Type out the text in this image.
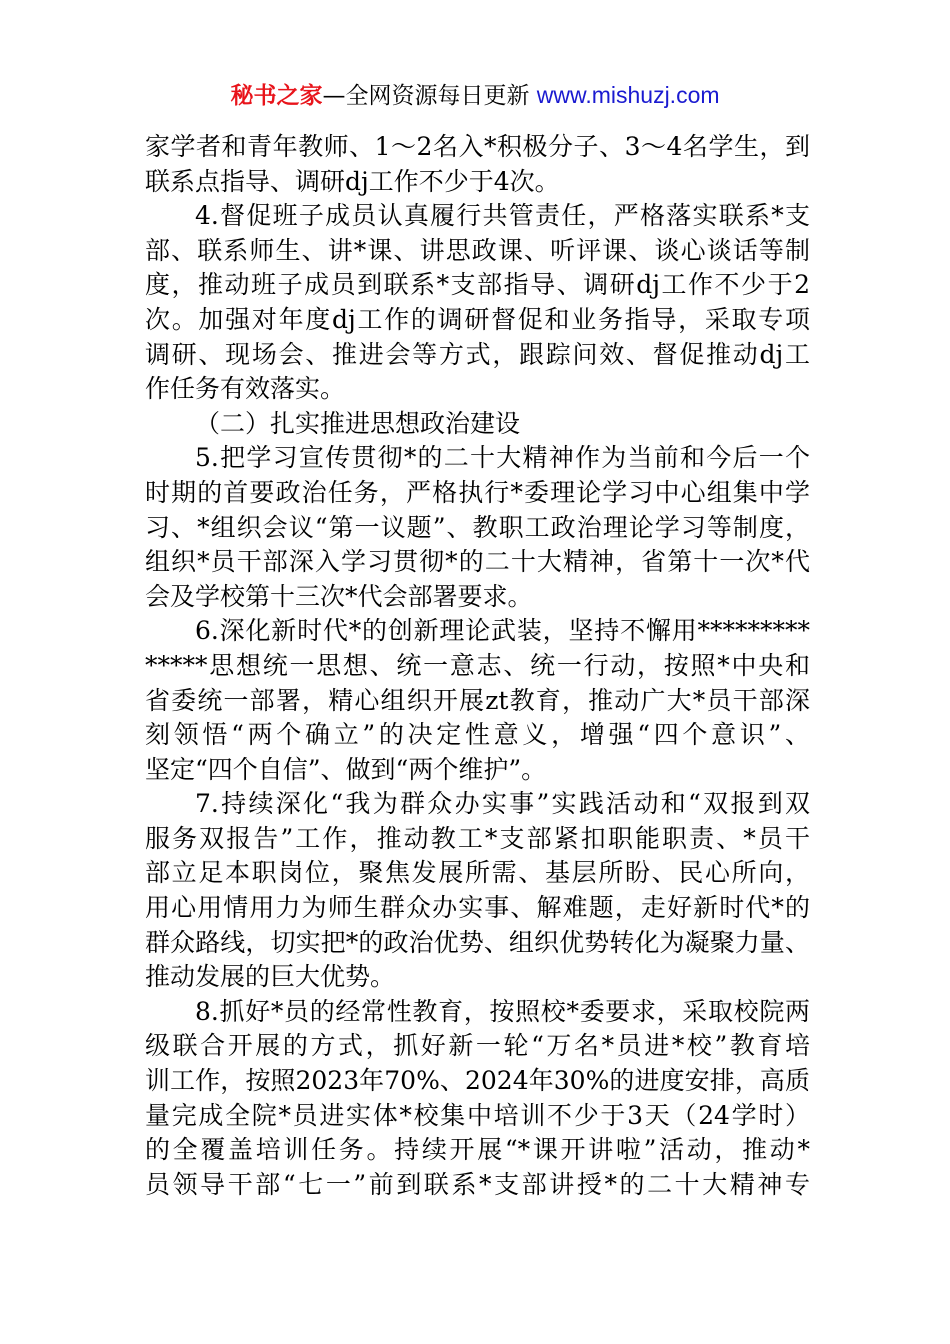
秘书之家—全网资源每日更新 www.mishuzj.com
家学者和青年教师、1～2名入*积极分子、3～4名学生，到
联系点指导、调研dj工作不少于4次。
4.督促班子成员认真履行共管责任，严格落实联系*支
部、联系师生、讲*课、讲思政课、听评课、谈心谈话等制
度，推动班子成员到联系*支部指导、调研dj工作不少于2
次。加强对年度dj工作的调研督促和业务指导，采取专项
调研、现场会、推进会等方式，跟踪问效、督促推动dj工
作任务有效落实。
（二）扎实推进思想政治建设
5.把学习宣传贯彻*的二十大精神作为当前和今后一个
时期的首要政治任务，严格执行*委理论学习中心组集中学
习、*组织会议“第一议题”、教职工政治理论学习等制度，
组织*员干部深入学习贯彻*的二十大精神，省第十一次*代
会及学校第十三次*代会部署要求。
6.深化新时代*的创新理论武装，坚持不懈用*********
*****思想统一思想、统一意志、统一行动，按照*中央和
省委统一部署，精心组织开展zt教育，推动广大*员干部深
刻领悟“两个确立”的决定性意义，增强“四个意识”、
坚定“四个自信”、做到“两个维护”。
7.持续深化“我为群众办实事”实践活动和“双报到双
服务双报告”工作，推动教工*支部紧扣职能职责、*员干
部立足本职岗位，聚焦发展所需、基层所盼、民心所向，
用心用情用力为师生群众办实事、解难题，走好新时代*的
群众路线，切实把*的政治优势、组织优势转化为凝聚力量、
推动发展的巨大优势。
8.抓好*员的经常性教育，按照校*委要求，采取校院两
级联合开展的方式，抓好新一轮“万名*员进*校”教育培
训工作，按照2023年70%、2024年30%的进度安排，高质
量完成全院*员进实体*校集中培训不少于3天（24学时）
的全覆盖培训任务。持续开展“*课开讲啦”活动，推动*
员领导干部“七一”前到联系*支部讲授*的二十大精神专
